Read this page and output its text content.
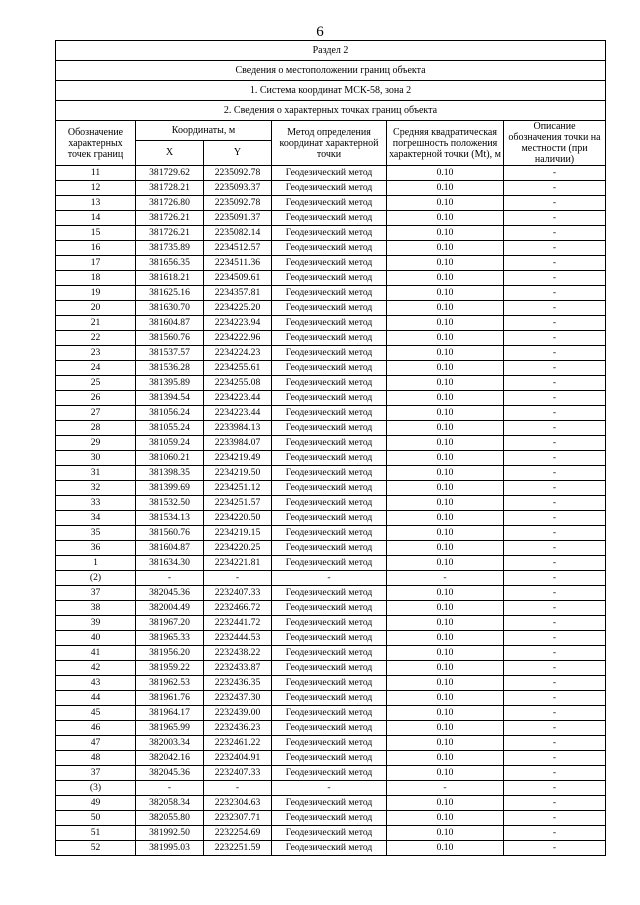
6
Раздел 2					
Сведения о местоположении границ объекта					
1. Система координат МСК-58, зона 2					
2. Сведения о характерных точках границ объекта					
Обозначение характерных точек границ	Координаты, м		Метод определения координат характерной точки	Средняя квадратическая погрешность положения характерной точки (Mt), м	Описание обозначения точки на местности (при наличии)
	X	Y			
11	381729.62	2235092.78	Геодезический метод	0.10	-
12	381728.21	2235093.37	Геодезический метод	0.10	-
13	381726.80	2235092.78	Геодезический метод	0.10	-
14	381726.21	2235091.37	Геодезический метод	0.10	-
15	381726.21	2235082.14	Геодезический метод	0.10	-
16	381735.89	2234512.57	Геодезический метод	0.10	-
17	381656.35	2234511.36	Геодезический метод	0.10	-
18	381618.21	2234509.61	Геодезический метод	0.10	-
19	381625.16	2234357.81	Геодезический метод	0.10	-
20	381630.70	2234225.20	Геодезический метод	0.10	-
21	381604.87	2234223.94	Геодезический метод	0.10	-
22	381560.76	2234222.96	Геодезический метод	0.10	-
23	381537.57	2234224.23	Геодезический метод	0.10	-
24	381536.28	2234255.61	Геодезический метод	0.10	-
25	381395.89	2234255.08	Геодезический метод	0.10	-
26	381394.54	2234223.44	Геодезический метод	0.10	-
27	381056.24	2234223.44	Геодезический метод	0.10	-
28	381055.24	2233984.13	Геодезический метод	0.10	-
29	381059.24	2233984.07	Геодезический метод	0.10	-
30	381060.21	2234219.49	Геодезический метод	0.10	-
31	381398.35	2234219.50	Геодезический метод	0.10	-
32	381399.69	2234251.12	Геодезический метод	0.10	-
33	381532.50	2234251.57	Геодезический метод	0.10	-
34	381534.13	2234220.50	Геодезический метод	0.10	-
35	381560.76	2234219.15	Геодезический метод	0.10	-
36	381604.87	2234220.25	Геодезический метод	0.10	-
1	381634.30	2234221.81	Геодезический метод	0.10	-
(2)	-	-	-	-	-
37	382045.36	2232407.33	Геодезический метод	0.10	-
38	382004.49	2232466.72	Геодезический метод	0.10	-
39	381967.20	2232441.72	Геодезический метод	0.10	-
40	381965.33	2232444.53	Геодезический метод	0.10	-
41	381956.20	2232438.22	Геодезический метод	0.10	-
42	381959.22	2232433.87	Геодезический метод	0.10	-
43	381962.53	2232436.35	Геодезический метод	0.10	-
44	381961.76	2232437.30	Геодезический метод	0.10	-
45	381964.17	2232439.00	Геодезический метод	0.10	-
46	381965.99	2232436.23	Геодезический метод	0.10	-
47	382003.34	2232461.22	Геодезический метод	0.10	-
48	382042.16	2232404.91	Геодезический метод	0.10	-
37	382045.36	2232407.33	Геодезический метод	0.10	-
(3)	-	-	-	-	-
49	382058.34	2232304.63	Геодезический метод	0.10	-
50	382055.80	2232307.71	Геодезический метод	0.10	-
51	381992.50	2232254.69	Геодезический метод	0.10	-
52	381995.03	2232251.59	Геодезический метод	0.10	-
